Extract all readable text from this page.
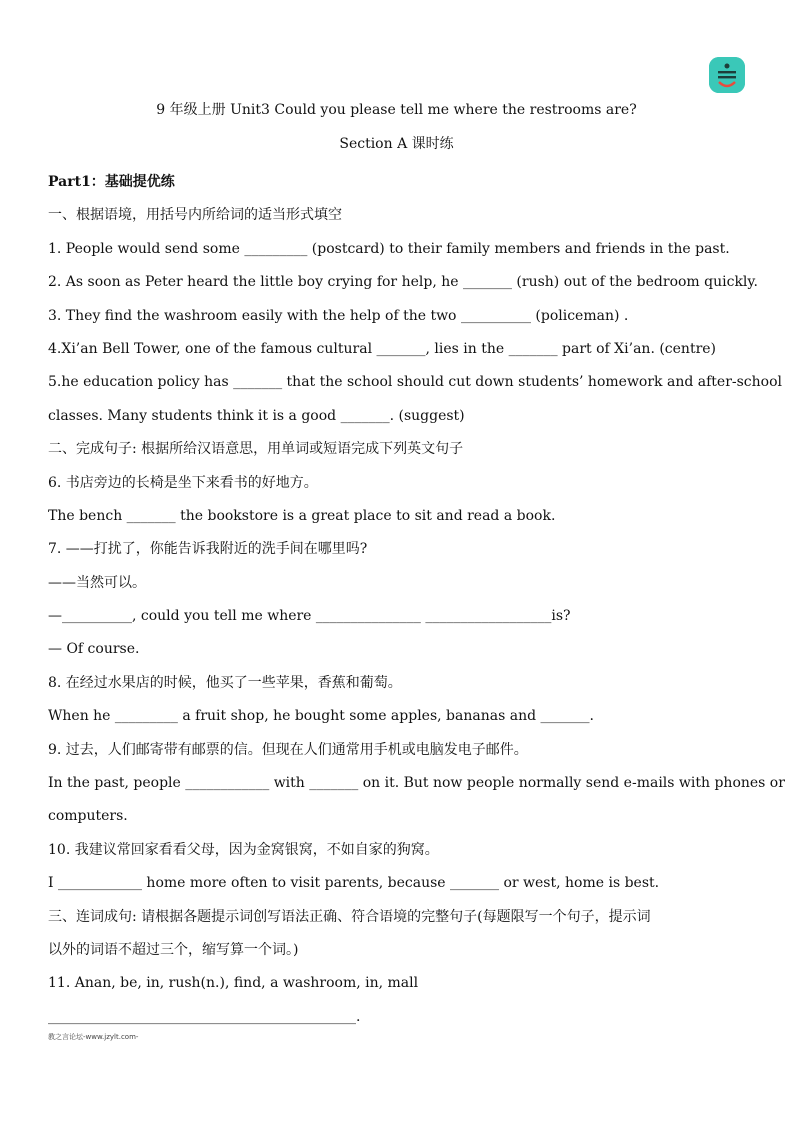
9 年级上册 Unit3 Could you please tell me where the restrooms are?
Section A 课时练
Part1：基础提优练
一、根据语境，用括号内所给词的适当形式填空
1. People would send some _________ (postcard) to their family members and friends in the past.
2. As soon as Peter heard the little boy crying for help, he _______ (rush) out of the bedroom quickly.
3. They find the washroom easily with the help of the two __________ (policeman) .
4.Xi’an Bell Tower, one of the famous cultural _______, lies in the _______ part of Xi’an. (centre)
5.he education policy has _______ that the school should cut down students’ homework and after-school
classes. Many students think it is a good _______. (suggest)
二、完成句子: 根据所给汉语意思，用单词或短语完成下列英文句子
6. 书店旁边的长椅是坐下来看书的好地方。
The bench _______ the bookstore is a great place to sit and read a book.
7. ——打扰了，你能告诉我附近的洗手间在哪里吗?
——当然可以。
—__________, could you tell me where _______________ __________________is?
— Of course.
8. 在经过水果店的时候，他买了一些苹果，香蕉和葡萄。
When he _________ a fruit shop, he bought some apples, bananas and _______.
9. 过去，人们邮寄带有邮票的信。但现在人们通常用手机或电脑发电子邮件。
In the past, people ____________ with _______ on it. But now people normally send e-mails with phones or
computers.
10. 我建议常回家看看父母，因为金窝银窝，不如自家的狗窝。
I ____________ home more often to visit parents, because _______ or west, home is best.
三、连词成句: 请根据各题提示词创写语法正确、符合语境的完整句子(每题限写一个句子，提示词
以外的词语不超过三个，缩写算一个词。)
11. Anan, be, in, rush(n.), find, a washroom, in, mall
____________________________________________.
教之言论坛-www.jzylt.com-
